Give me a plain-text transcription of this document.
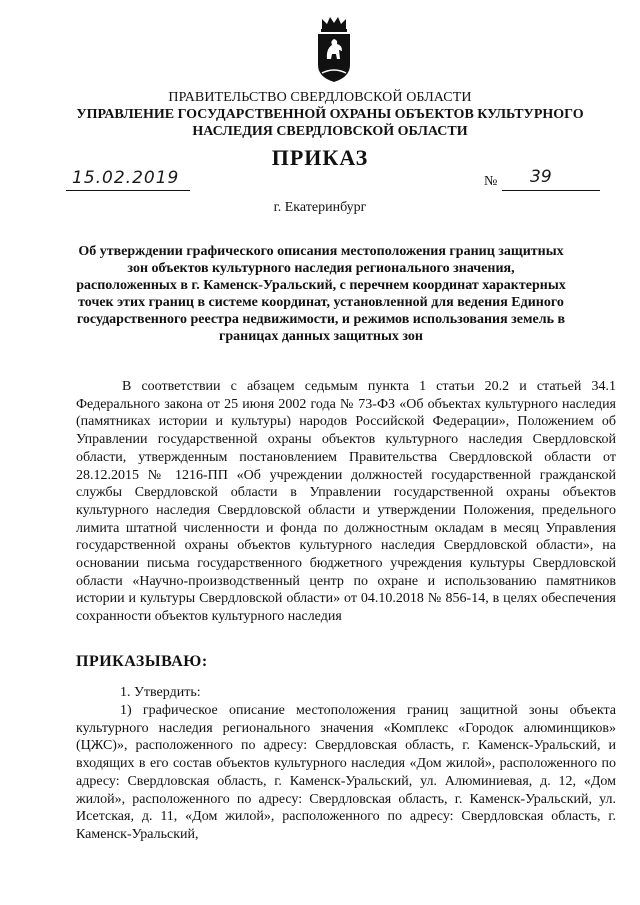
ПРАВИТЕЛЬСТВО СВЕРДЛОВСКОЙ ОБЛАСТИ
УПРАВЛЕНИЕ ГОСУДАРСТВЕННОЙ ОХРАНЫ ОБЪЕКТОВ КУЛЬТУРНОГО НАСЛЕДИЯ СВЕРДЛОВСКОЙ ОБЛАСТИ
ПРИКАЗ
15.02.2019	№ 39
г. Екатеринбург
Об утверждении графического описания местоположения границ защитных зон объектов культурного наследия регионального значения, расположенных в г. Каменск-Уральский, с перечнем координат характерных точек этих границ в системе координат, установленной для ведения Единого государственного реестра недвижимости, и режимов использования земель в границах данных защитных зон
В соответствии с абзацем седьмым пункта 1 статьи 20.2 и статьей 34.1 Федерального закона от 25 июня 2002 года № 73-ФЗ «Об объектах культурного наследия (памятниках истории и культуры) народов Российской Федерации», Положением об Управлении государственной охраны объектов культурного наследия Свердловской области, утвержденным постановлением Правительства Свердловской области от 28.12.2015 № 1216-ПП «Об учреждении должностей государственной гражданской службы Свердловской области в Управлении государственной охраны объектов культурного наследия Свердловской области и утверждении Положения, предельного лимита штатной численности и фонда по должностным окладам в месяц Управления государственной охраны объектов культурного наследия Свердловской области», на основании письма государственного бюджетного учреждения культуры Свердловской области «Научно-производственный центр по охране и использованию памятников истории и культуры Свердловской области» от 04.10.2018 № 856-14, в целях обеспечения сохранности объектов культурного наследия
ПРИКАЗЫВАЮ:
1. Утвердить:
1) графическое описание местоположения границ защитной зоны объекта культурного наследия регионального значения «Комплекс «Городок алюминщиков» (ЦЖС)», расположенного по адресу: Свердловская область, г. Каменск-Уральский, и входящих в его состав объектов культурного наследия «Дом жилой», расположенного по адресу: Свердловская область, г. Каменск-Уральский, ул. Алюминиевая, д. 12, «Дом жилой», расположенного по адресу: Свердловская область, г. Каменск-Уральский, ул. Исетская, д. 11, «Дом жилой», расположенного по адресу: Свердловская область, г. Каменск-Уральский,
